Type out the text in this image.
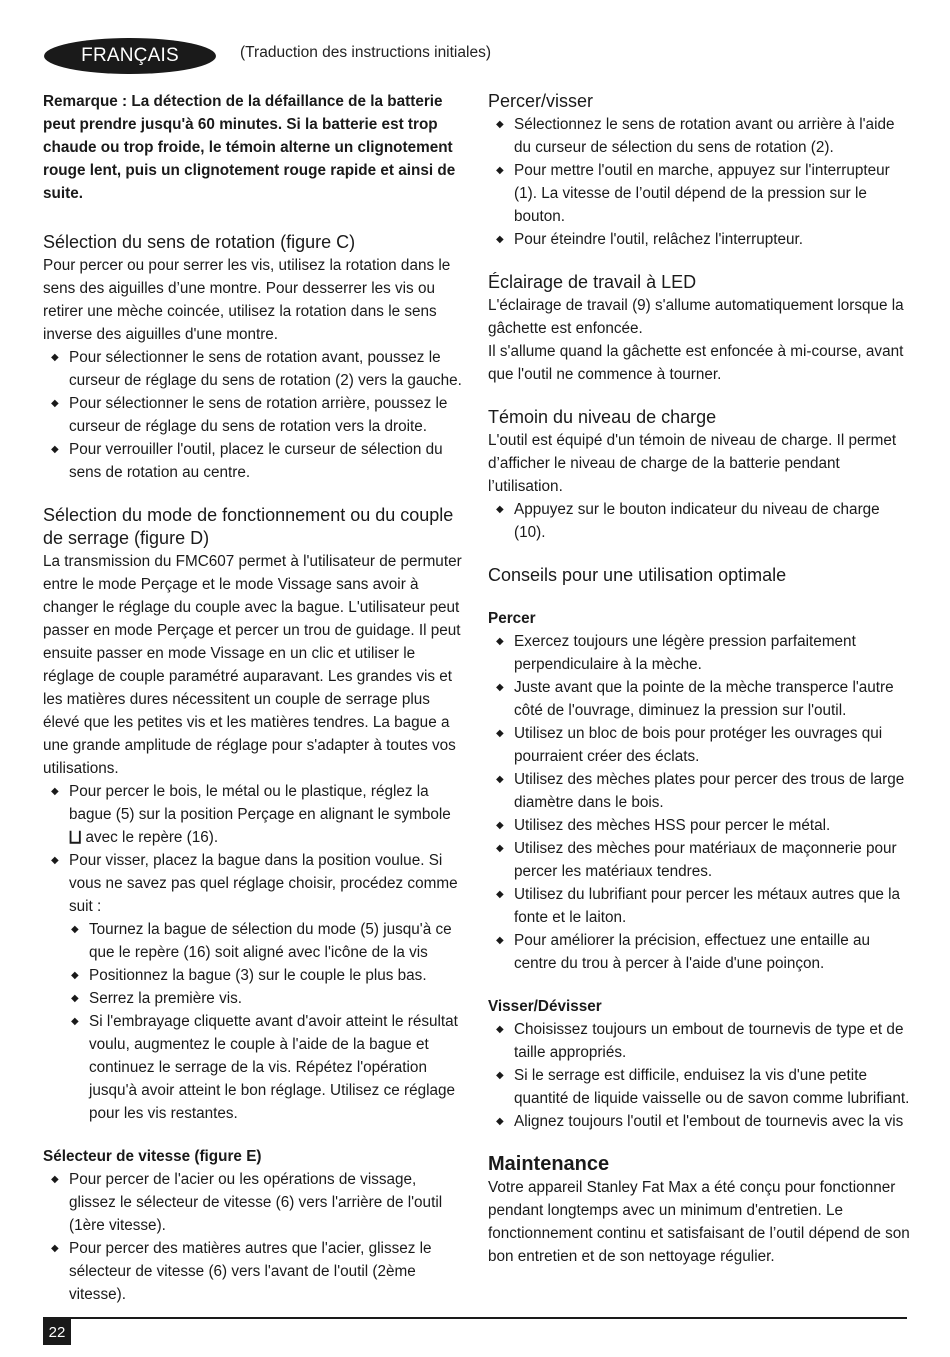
FRANÇAIS	(Traduction des instructions initiales)

Remarque : La détection de la défaillance de la batterie peut prendre jusqu'à 60 minutes. Si la batterie est trop chaude ou trop froide, le témoin alterne un clignotement rouge lent, puis un clignotement rouge rapide et ainsi de suite.

Sélection du sens de rotation (figure C)

Pour percer ou pour serrer les vis, utilisez la rotation dans le sens des aiguilles d’une montre. Pour desserrer les vis ou retirer une mèche coincée, utilisez la rotation dans le sens inverse des aiguilles d'une montre.

◆ Pour sélectionner le sens de rotation avant, poussez le curseur de réglage du sens de rotation (2) vers la gauche.
◆ Pour sélectionner le sens de rotation arrière, poussez le curseur de réglage du sens de rotation vers la droite.
◆ Pour verrouiller l'outil, placez le curseur de sélection du sens de rotation au centre.
Sélection du mode de fonctionnement ou du couple de serrage (figure D)

La transmission du FMC607 permet à l'utilisateur de permuter entre le mode Perçage et le mode Vissage sans avoir à changer le réglage du couple avec la bague. L'utilisateur peut passer en mode Perçage et percer un trou de guidage. Il peut ensuite passer en mode Vissage en un clic et utiliser le réglage de couple paramétré auparavant. Les grandes vis et les matières dures nécessitent un couple de serrage plus élevé que les petites vis et les matières tendres. La bague a une grande amplitude de réglage pour s'adapter à toutes vos utilisations.

◆ Pour percer le bois, le métal ou le plastique, réglez la bague (5) sur la position Perçage en alignant le symbole ⨆ avec le repère (16).
◆ Pour visser, placez la bague dans la position voulue. Si vous ne savez pas quel réglage choisir, procédez comme suit :
◆ Tournez la bague de sélection du mode (5) jusqu'à ce que le repère (16) soit aligné avec l'icône de la vis
◆ Positionnez la bague (3) sur le couple le plus bas.
◆ Serrez la première vis.
◆ Si l'embrayage cliquette avant d'avoir atteint le résultat voulu, augmentez le couple à l'aide de la bague et continuez le serrage de la vis. Répétez l'opération jusqu'à avoir atteint le bon réglage. Utilisez ce réglage pour les vis restantes.
Sélecteur de vitesse (figure E)
◆ Pour percer de l'acier ou les opérations de vissage, glissez le sélecteur de vitesse (6) vers l'arrière de l'outil (1ère vitesse).
◆ Pour percer des matières autres que l'acier, glissez le sélecteur de vitesse (6) vers l'avant de l'outil (2ème vitesse).
Percer/visser
◆ Sélectionnez le sens de rotation avant ou arrière à l'aide du curseur de sélection du sens de rotation (2).
◆ Pour mettre l'outil en marche, appuyez sur l'interrupteur (1). La vitesse de l’outil dépend de la pression sur le bouton.
◆ Pour éteindre l'outil, relâchez l'interrupteur.
Éclairage de travail à LED

L'éclairage de travail (9) s'allume automatiquement lorsque la gâchette est enfoncée.

Il s'allume quand la gâchette est enfoncée à mi-course, avant que l'outil ne commence à tourner.

Témoin du niveau de charge

L'outil est équipé d'un témoin de niveau de charge. Il permet d’afficher le niveau de charge de la batterie pendant l’utilisation.

◆ Appuyez sur le bouton indicateur du niveau de charge (10).
Conseils pour une utilisation optimale
Percer
◆ Exercez toujours une légère pression parfaitement perpendiculaire à la mèche.
◆ Juste avant que la pointe de la mèche transperce l'autre côté de l'ouvrage, diminuez la pression sur l'outil.
◆ Utilisez un bloc de bois pour protéger les ouvrages qui pourraient créer des éclats.
◆ Utilisez des mèches plates pour percer des trous de large diamètre dans le bois.
◆ Utilisez des mèches HSS pour percer le métal.
◆ Utilisez des mèches pour matériaux de maçonnerie pour percer les matériaux tendres.
◆ Utilisez du lubrifiant pour percer les métaux autres que la fonte et le laiton.
◆ Pour améliorer la précision, effectuez une entaille au centre du trou à percer à l'aide d'une poinçon.
Visser/Dévisser
◆ Choisissez toujours un embout de tournevis de type et de taille appropriés.
◆ Si le serrage est difficile, enduisez la vis d'une petite quantité de liquide vaisselle ou de savon comme lubrifiant.
◆ Alignez toujours l'outil et l'embout de tournevis avec la vis
Maintenance

Votre appareil Stanley Fat Max a été conçu pour fonctionner pendant longtemps avec un minimum d'entretien. Le fonctionnement continu et satisfaisant de l’outil dépend de son bon entretien et de son nettoyage régulier.

22
